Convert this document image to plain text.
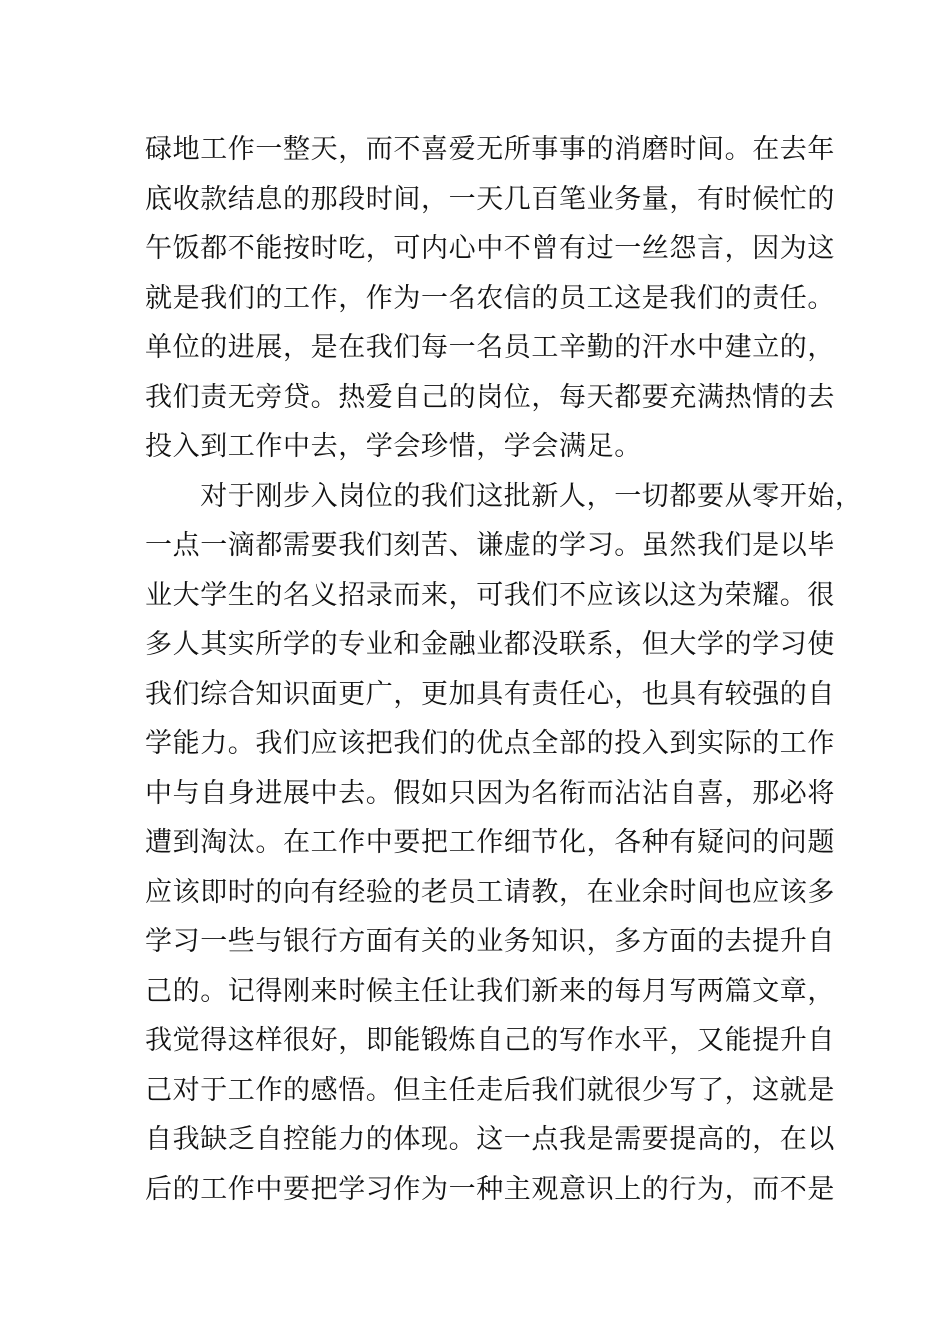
碌地工作一整天，而不喜爱无所事事的消磨时间。在去年
底收款结息的那段时间，一天几百笔业务量，有时候忙的
午饭都不能按时吃，可内心中不曾有过一丝怨言，因为这
就是我们的工作，作为一名农信的员工这是我们的责任。
单位的进展，是在我们每一名员工辛勤的汗水中建立的，
我们责无旁贷。热爱自己的岗位，每天都要充满热情的去
投入到工作中去，学会珍惜，学会满足。
　　对于刚步入岗位的我们这批新人，一切都要从零开始，
一点一滴都需要我们刻苦、谦虚的学习。虽然我们是以毕
业大学生的名义招录而来，可我们不应该以这为荣耀。很
多人其实所学的专业和金融业都没联系，但大学的学习使
我们综合知识面更广，更加具有责任心，也具有较强的自
学能力。我们应该把我们的优点全部的投入到实际的工作
中与自身进展中去。假如只因为名衔而沾沾自喜，那必将
遭到淘汰。在工作中要把工作细节化，各种有疑问的问题
应该即时的向有经验的老员工请教，在业余时间也应该多
学习一些与银行方面有关的业务知识，多方面的去提升自
己的。记得刚来时候主任让我们新来的每月写两篇文章，
我觉得这样很好，即能锻炼自己的写作水平，又能提升自
己对于工作的感悟。但主任走后我们就很少写了，这就是
自我缺乏自控能力的体现。这一点我是需要提高的，在以
后的工作中要把学习作为一种主观意识上的行为，而不是
